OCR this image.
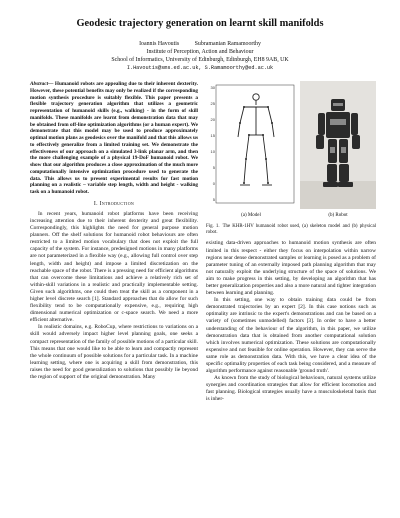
Geodesic trajectory generation on learnt skill manifolds
Ioannis Havoutis	Subramanian Ramamoorthy
Institute of Perception, Action and Behaviour
School of Informatics, University of Edinburgh, Edinburgh, EH8 9AB, UK
I.Havoutis@sms.ed.ac.uk, S.Ramamoorthy@ed.ac.uk

Abstract— Humanoid robots are appealing due to their inherent dexterity. However, these potential benefits may only be realized if the corresponding motion synthesis procedure is suitably flexible. This paper presents a flexible trajectory generation algorithm that utilizes a geometric representation of humanoid skills (e.g., walking) - in the form of skill manifolds. These manifolds are learnt from demonstration data that may be obtained from off-line optimization algorithms (or a human expert). We demonstrate that this model may be used to produce approximately optimal motion plans as geodesics over the manifold and that this allows us to effectively generalize from a limited training set. We demonstrate the effectiveness of our approach on a simulated 3-link planar arm, and then the more challenging example of a physical 19-DoF humanoid robot. We show that our algorithm produces a close approximation of the much more computationally intensive optimization procedure used to generate the data. This allows us to present experimental results for fast motion planning on a realistic – variable step length, width and height - walking task on a humanoid robot.

I. Introduction

In recent years, humanoid robot platforms have been receiving increasing attention due to their inherent dexterity and great flexibility. Correspondingly, this highlights the need for general purpose motion planners. Off the shelf solutions for humanoid robot behaviours are often restricted to a limited motion vocabulary that does not exploit the full capacity of the system. For instance, predesigned motions in many platforms are not parameterized in a flexible way (e.g., allowing full control over step length, width and height) and impose a limited discretization on the reachable space of the robot. There is a pressing need for efficient algorithms that can overcome these limitations and achieve a relatively rich set of within-skill variations in a realistic and practically implementable setting. Given such algorithms, one could then treat the skill as a component in a higher level discrete search [1]. Standard approaches that do allow for such flexibility tend to be computationally expensive, e.g., requiring high dimensional numerical optimization or c-space search. We need a more efficient alternative.

In realistic domains, e.g. RoboCup, where restrictions to variations on a skill would adversely impact higher level planning goals, one seeks a compact representation of the family of possible motions of a particular skill. This means that one would like to be able to learn and compactly represent the whole continuum of possible solutions for a particular task. In a machine learning setting, where one is acquiring a skill from demonstration, this raises the need for good generalization to solutions that possibly lie beyond the region of support of the original demonstration. Many

30
25
20
15
10
5
0
5
(a) Model	(b) Robot
Fig. 1. The KHR-1HV humanoid robot used, (a) skeleton model and (b) physical robot.

existing data-driven approaches to humanoid motion synthesis are often limited in this respect - either they focus on interpolation within narrow regions near dense demonstrated samples or learning is posed as a problem of parameter tuning of an externally imposed path planning algorithm that may not naturally exploit the underlying structure of the space of solutions. We aim to make progress in this setting, by developing an algorithm that has better generalization properties and also a more natural and tighter integration between learning and planning.

In this setting, one way to obtain training data could be from demonstrated trajectories by an expert [2]. In this case notions such as optimality are intrinsic to the expert's demonstrations and can be based on a variety of (sometimes unmodelled) factors [3]. In order to have a better understanding of the behaviour of the algorithm, in this paper, we utilize demonstration data that is obtained from another computational solution which involves numerical optimization. These solutions are computationally expensive and not feasible for online operation. However, they can serve the same role as demonstration data. With this, we have a clear idea of the specific optimality properties of each task being considered, and a measure of algorithm performance against reasonable 'ground truth'.

As known from the study of biological behaviours, natural systems utilize synergies and coordination strategies that allow for efficient locomotion and fast planning. Biological strategies usually have a musculoskeletal basis that is inher-
